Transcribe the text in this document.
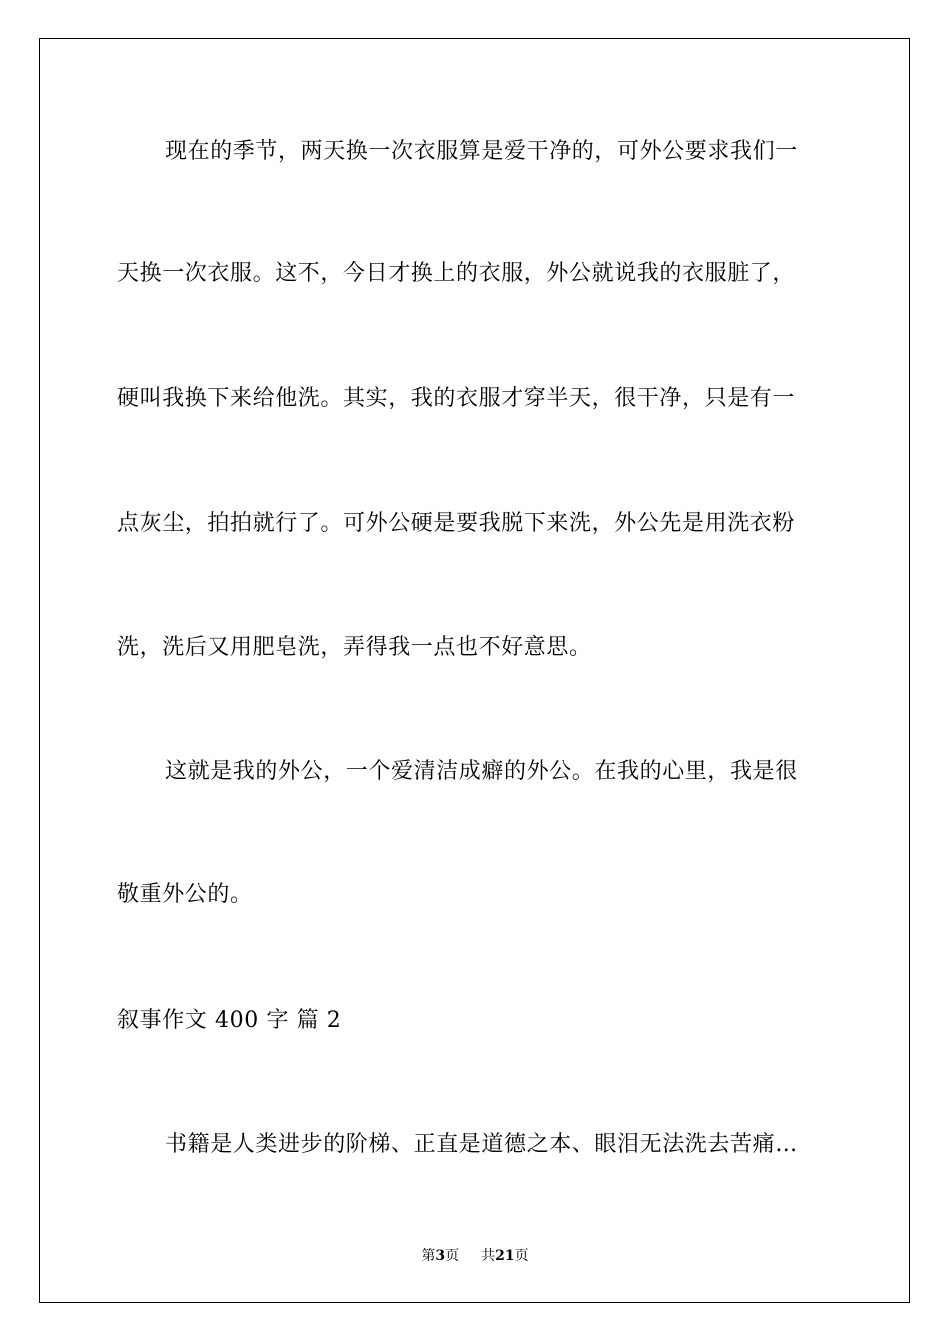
现在的季节，两天换一次衣服算是爱干净的，可外公要求我们一
天换一次衣服。这不，今日才换上的衣服，外公就说我的衣服脏了，
硬叫我换下来给他洗。其实，我的衣服才穿半天，很干净，只是有一
点灰尘，拍拍就行了。可外公硬是要我脱下来洗，外公先是用洗衣粉
洗，洗后又用肥皂洗，弄得我一点也不好意思。
这就是我的外公，一个爱清洁成癖的外公。在我的心里，我是很
敬重外公的。
叙事作文 400 字 篇 2
书籍是人类进步的阶梯、正直是道德之本、眼泪无法洗去苦痛…
第3页 共21页
